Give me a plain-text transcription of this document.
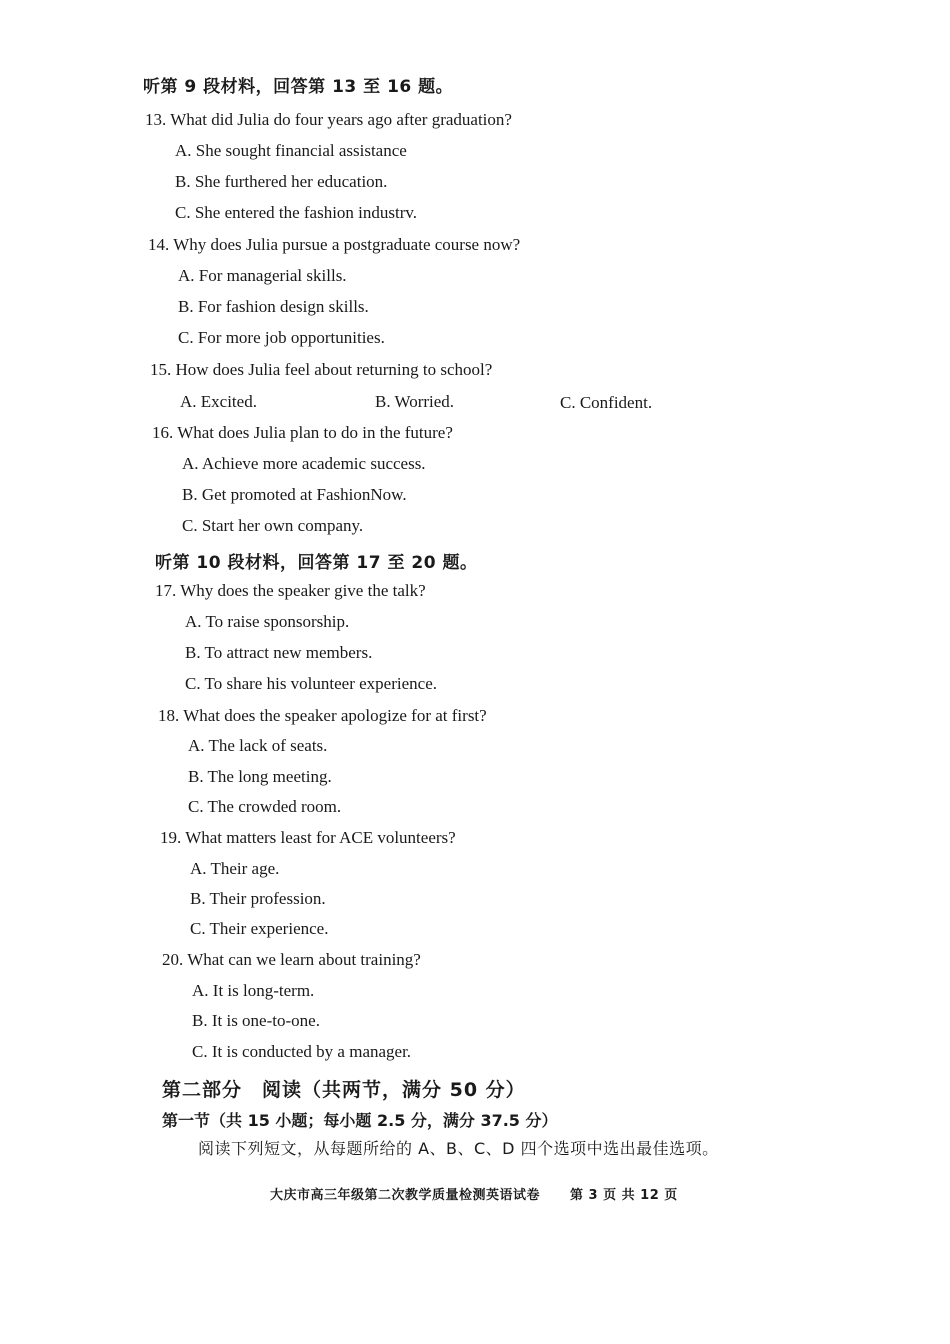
听第 9 段材料，回答第 13 至 16 题。
13. What did Julia do four years ago after graduation?
A. She sought financial assistance
B. She furthered her education.
C. She entered the fashion industrv.
14. Why does Julia pursue a postgraduate course now?
A. For managerial skills.
B. For fashion design skills.
C. For more job opportunities.
15. How does Julia feel about returning to school?
A. Excited.	B. Worried.	C. Confident.
16. What does Julia plan to do in the future?
A. Achieve more academic success.
B. Get promoted at FashionNow.
C. Start her own company.
听第 10 段材料，回答第 17 至 20 题。
17. Why does the speaker give the talk?
A. To raise sponsorship.
B. To attract new members.
C. To share his volunteer experience.
18. What does the speaker apologize for at first?
A. The lack of seats.
B. The long meeting.
C. The crowded room.
19. What matters least for ACE volunteers?
A. Their age.
B. Their profession.
C. Their experience.
20. What can we learn about training?
A. It is long-term.
B. It is one-to-one.
C. It is conducted by a manager.
第二部分　阅读（共两节，满分 50 分）
第一节（共 15 小题；每小题 2.5 分，满分 37.5 分）
阅读下列短文，从每题所给的 A、B、C、D 四个选项中选出最佳选项。
大庆市高三年级第二次教学质量检测英语试卷 第 3 页 共 12 页
